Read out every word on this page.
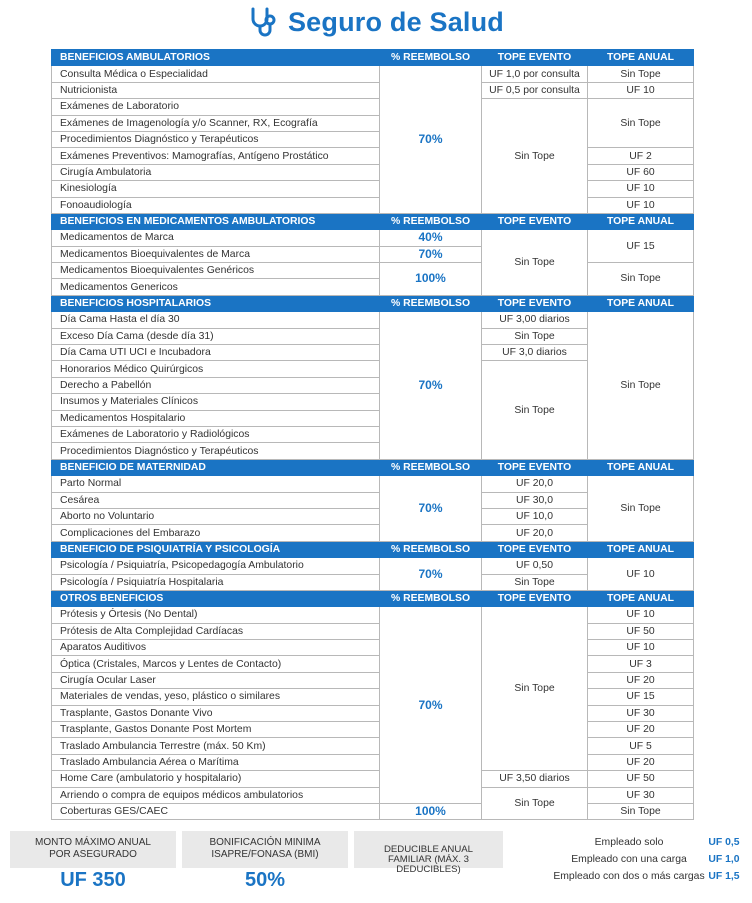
Seguro de Salud
BENEFICIOS AMBULATORIOS	% REEMBOLSO	TOPE EVENTO	TOPE ANUAL
Consulta Médica o Especialidad	70%	UF 1,0 por consulta	Sin Tope
Nutricionista		UF 0,5 por consulta	UF 10
Exámenes de Laboratorio		Sin Tope	Sin Tope
Exámenes de Imagenología y/o Scanner, RX, Ecografía			
Procedimientos Diagnóstico y Terapéuticos			
Exámenes Preventivos: Mamografías, Antígeno Prostático			UF 2
Cirugía Ambulatoria			UF 60
Kinesiología			UF 10
Fonoaudiología			UF 10
BENEFICIOS EN MEDICAMENTOS AMBULATORIOS	% REEMBOLSO	TOPE EVENTO	TOPE ANUAL
Medicamentos de Marca	40%	Sin Tope	UF 15
Medicamentos Bioequivalentes de Marca	70%		
Medicamentos Bioequivalentes Genéricos	100%		Sin Tope
Medicamentos Genericos			
BENEFICIOS HOSPITALARIOS	% REEMBOLSO	TOPE EVENTO	TOPE ANUAL
Día Cama Hasta el día 30	70%	UF 3,00 diarios	Sin Tope
Exceso Día Cama (desde día 31)		Sin Tope	
Día Cama UTI UCI e Incubadora		UF 3,0 diarios	
Honorarios Médico Quirúrgicos		Sin Tope	
Derecho a Pabellón			
Insumos y Materiales Clínicos			
Medicamentos Hospitalario			
Exámenes de Laboratorio y Radiológicos			
Procedimientos Diagnóstico y Terapéuticos			
BENEFICIO DE MATERNIDAD	% REEMBOLSO	TOPE EVENTO	TOPE ANUAL
Parto Normal	70%	UF 20,0	Sin Tope
Cesárea		UF 30,0	
Aborto no Voluntario		UF 10,0	
Complicaciones del Embarazo		UF 20,0	
BENEFICIO DE PSIQUIATRÍA Y PSICOLOGÍA	% REEMBOLSO	TOPE EVENTO	TOPE ANUAL
Psicología / Psiquiatría, Psicopedagogía Ambulatorio	70%	UF 0,50	UF 10
Psicología / Psiquiatría Hospitalaria		Sin Tope	
OTROS BENEFICIOS	% REEMBOLSO	TOPE EVENTO	TOPE ANUAL
Prótesis y Órtesis (No Dental)	70%	Sin Tope	UF 10
Prótesis de Alta Complejidad Cardíacas			UF 50
Aparatos Auditivos			UF 10
Óptica (Cristales, Marcos y Lentes de Contacto)			UF 3
Cirugía Ocular Laser			UF 20
Materiales de vendas, yeso, plástico o similares			UF 15
Trasplante, Gastos Donante Vivo			UF 30
Trasplante, Gastos Donante Post Mortem			UF 20
Traslado Ambulancia Terrestre (máx. 50 Km)			UF 5
Traslado Ambulancia Aérea o Marítima			UF 20
Home Care (ambulatorio y hospitalario)		UF 3,50 diarios	UF 50
Arriendo o compra de equipos médicos ambulatorios		Sin Tope	UF 30
Coberturas GES/CAEC	100%		Sin Tope
MONTO MÁXIMO ANUAL POR ASEGURADO
UF 350
BONIFICACIÓN MINIMA ISAPRE/FONASA (BMI)
50%
DEDUCIBLE ANUAL FAMILIAR (MÁX. 3 DEDUCIBLES)
Empleado solo	UF 0,5
Empleado con una carga UF 1,0
Empleado con dos o más cargas UF 1,5
